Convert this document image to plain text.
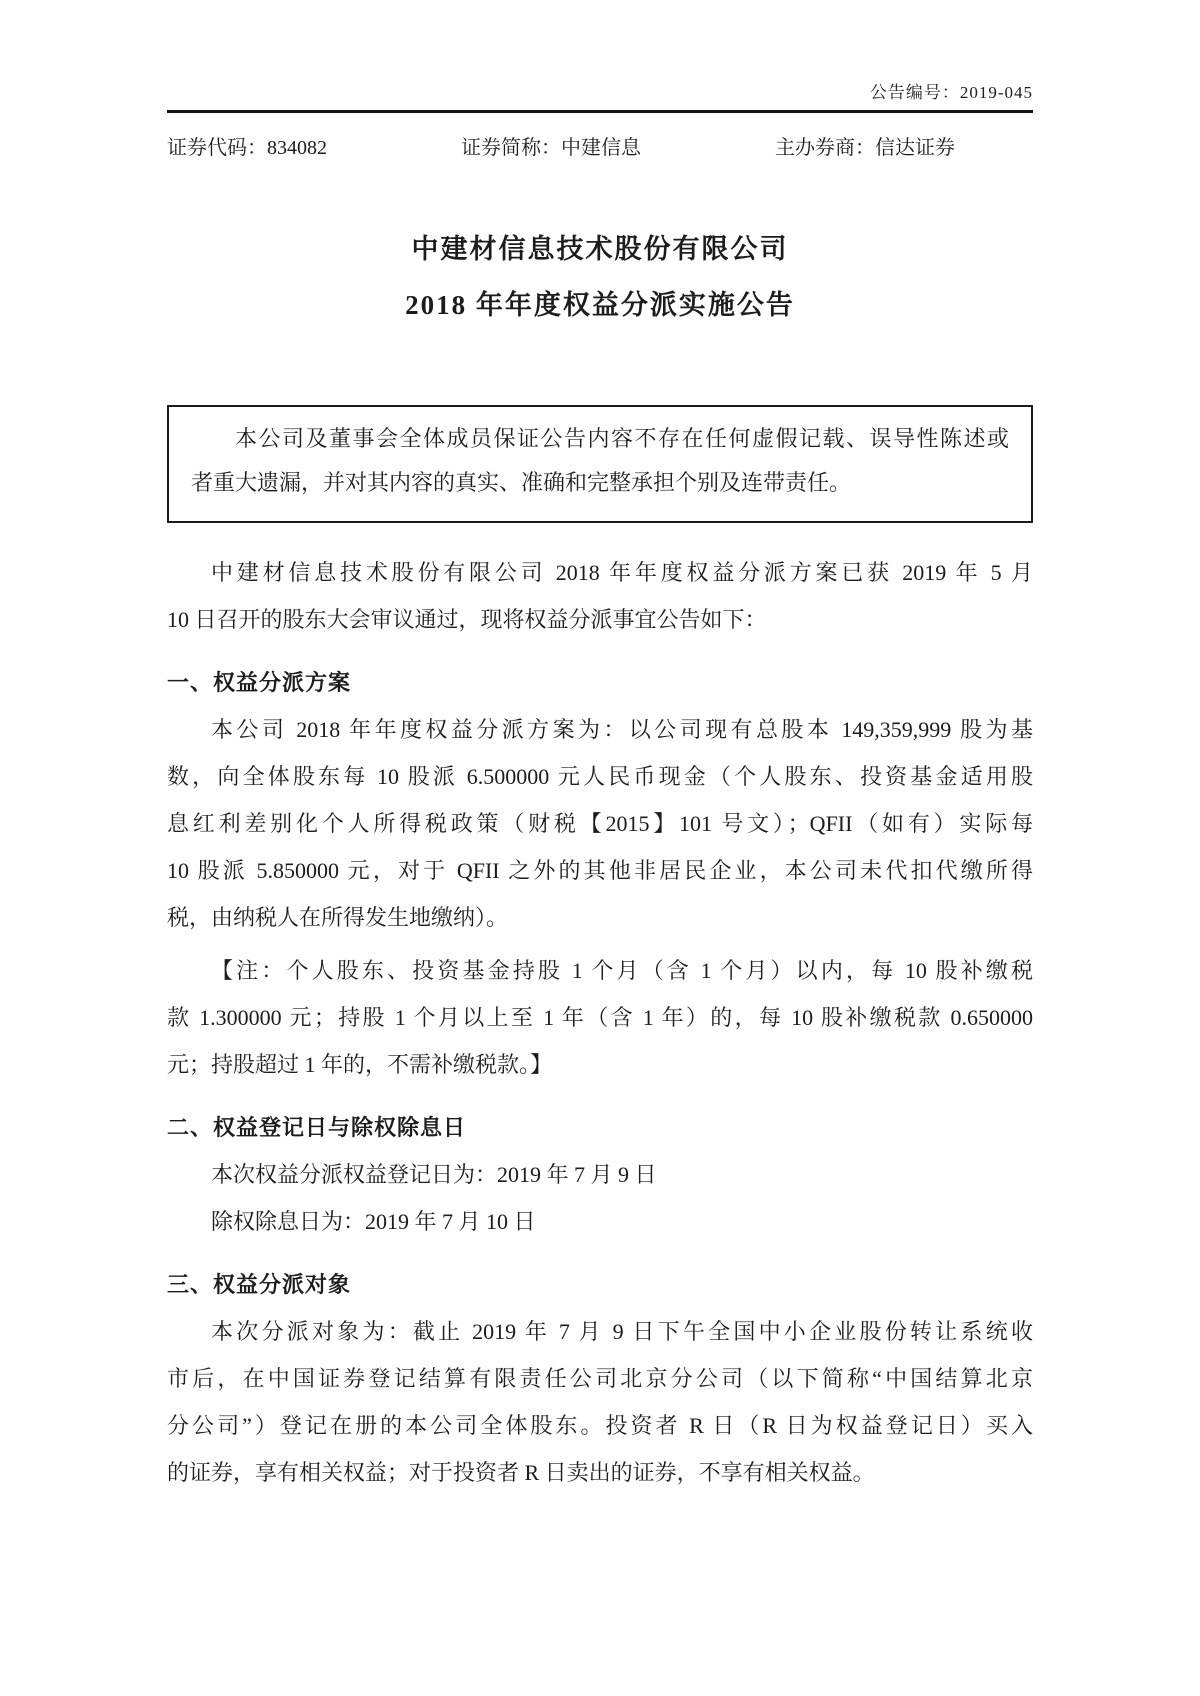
公告编号：2019-045
证券代码：834082	证券简称：中建信息	主办券商：信达证券
中建材信息技术股份有限公司
2018 年年度权益分派实施公告
本公司及董事会全体成员保证公告内容不存在任何虚假记载、误导性陈述或
者重大遗漏，并对其内容的真实、准确和完整承担个别及连带责任。
中建材信息技术股份有限公司 2018 年年度权益分派方案已获 2019 年 5 月
10 日召开的股东大会审议通过，现将权益分派事宜公告如下：
一、权益分派方案
本公司 2018 年年度权益分派方案为：以公司现有总股本 149,359,999 股为基
数，向全体股东每 10 股派 6.500000 元人民币现金（个人股东、投资基金适用股
息红利差别化个人所得税政策（财税【2015】101 号文）；QFII（如有）实际每
10 股派 5.850000 元，对于 QFII 之外的其他非居民企业，本公司未代扣代缴所得
税，由纳税人在所得发生地缴纳）。
【注：个人股东、投资基金持股 1 个月（含 1 个月）以内，每 10 股补缴税
款 1.300000 元；持股 1 个月以上至 1 年（含 1 年）的，每 10 股补缴税款 0.650000
元；持股超过 1 年的，不需补缴税款。】
二、权益登记日与除权除息日
本次权益分派权益登记日为：2019 年 7 月 9 日
除权除息日为：2019 年 7 月 10 日
三、权益分派对象
本次分派对象为：截止 2019 年 7 月 9 日下午全国中小企业股份转让系统收
市后，在中国证券登记结算有限责任公司北京分公司（以下简称“中国结算北京
分公司”）登记在册的本公司全体股东。投资者 R 日（R 日为权益登记日）买入
的证券，享有相关权益；对于投资者 R 日卖出的证券，不享有相关权益。
